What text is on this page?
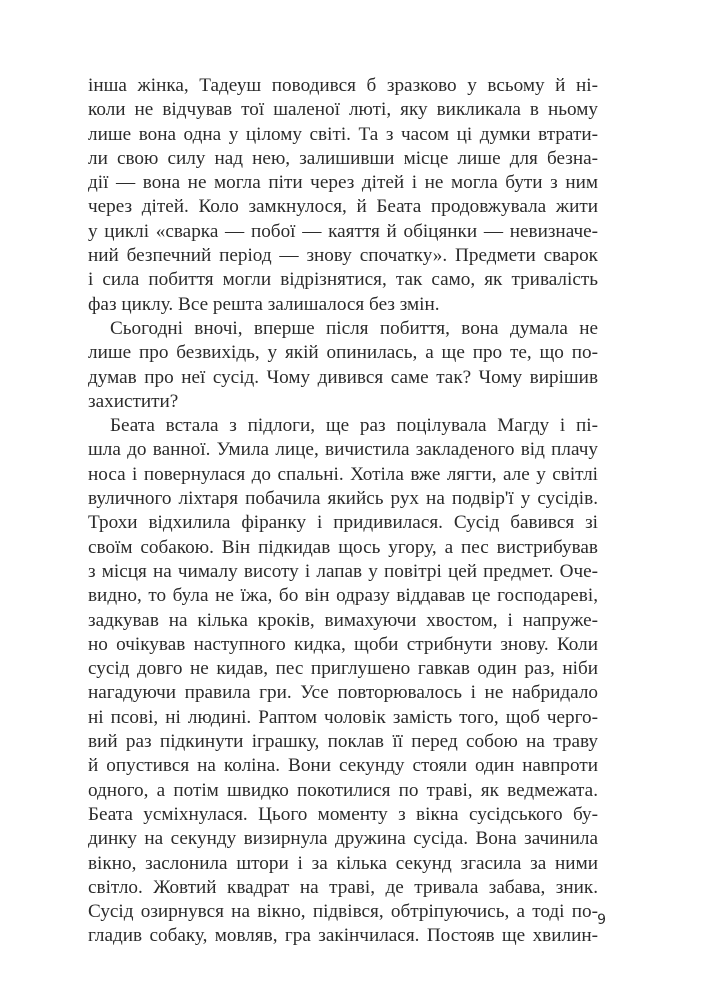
інша жінка, Тадеуш поводився б зразково у всьому й ні-
коли не відчував тої шаленої люті, яку викликала в ньому
лише вона одна у цілому світі. Та з часом ці думки втрати-
ли свою силу над нею, залишивши місце лише для безна-
дії — вона не могла піти через дітей і не могла бути з ним
через дітей. Коло замкнулося, й Беата продовжувала жити
у циклі «сварка — побої — каяття й обіцянки — невизначе-
ний безпечний період — знову спочатку». Предмети сварок
і сила побиття могли відрізнятися, так само, як тривалість
фаз циклу. Все решта залишалося без змін.
Сьогодні вночі, вперше після побиття, вона думала не
лише про безвихідь, у якій опинилась, а ще про те, що по-
думав про неї сусід. Чому дивився саме так? Чому вирішив
захистити?
Беата встала з підлоги, ще раз поцілувала Магду і пі-
шла до ванної. Умила лице, вичистила закладеного від плачу
носа і повернулася до спальні. Хотіла вже лягти, але у світлі
вуличного ліхтаря побачила якийсь рух на подвір'ї у сусідів.
Трохи відхилила фіранку і придивилася. Сусід бавився зі
своїм собакою. Він підкидав щось угору, а пес вистрибував
з місця на чималу висоту і лапав у повітрі цей предмет. Оче-
видно, то була не їжа, бо він одразу віддавав це господареві,
задкував на кілька кроків, вимахуючи хвостом, і напруже-
но очікував наступного кидка, щоби стрибнути знову. Коли
сусід довго не кидав, пес приглушено гавкав один раз, ніби
нагадуючи правила гри. Усе повторювалось і не набридало
ні псові, ні людині. Раптом чоловік замість того, щоб черго-
вий раз підкинути іграшку, поклав її перед собою на траву
й опустився на коліна. Вони секунду стояли один навпроти
одного, а потім швидко покотилися по траві, як ведмежата.
Беата усміхнулася. Цього моменту з вікна сусідського бу-
динку на секунду визирнула дружина сусіда. Вона зачинила
вікно, заслонила штори і за кілька секунд згасила за ними
світло. Жовтий квадрат на траві, де тривала забава, зник.
Сусід озирнувся на вікно, підвівся, обтріпуючись, а тоді по-
гладив собаку, мовляв, гра закінчилася. Постояв ще хвилин-
9
